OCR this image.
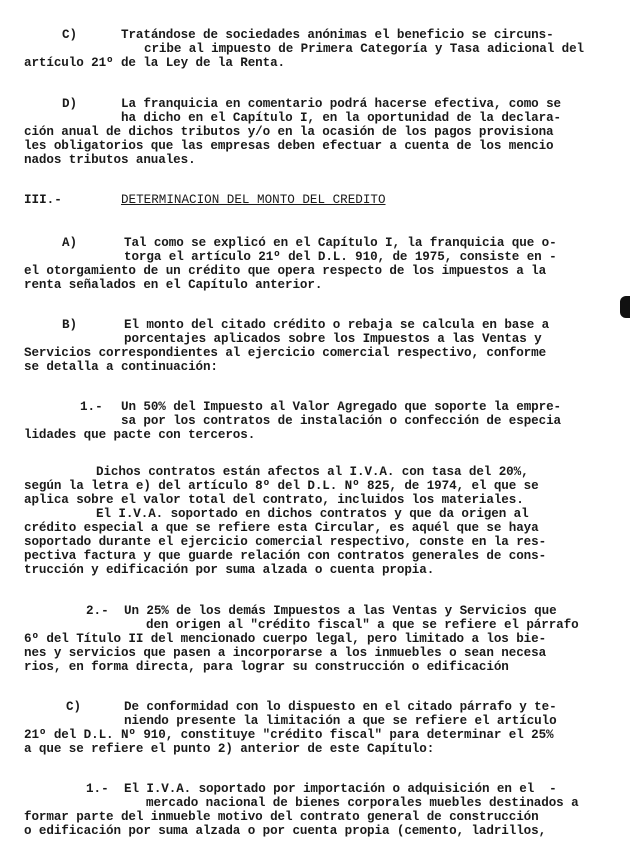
C)	Tratándose de sociedades anónimas el beneficio se circuns-
cribe al impuesto de Primera Categoría y Tasa adicional del
artículo 21º de la Ley de la Renta.
D)	La franquicia en comentario podrá hacerse efectiva, como se
ha dicho en el Capítulo I, en la oportunidad de la declara-
ción anual de dichos tributos y/o en la ocasión de los pagos provisiona
les obligatorios que las empresas deben efectuar a cuenta de los mencio
nados tributos anuales.
III.-	DETERMINACION DEL MONTO DEL CREDITO
A)	Tal como se explicó en el Capítulo I, la franquicia que o-
torga el artículo 21º del D.L. 910, de 1975, consiste en -
el otorgamiento de un crédito que opera respecto de los impuestos a la
renta señalados en el Capítulo anterior.
B)	El monto del citado crédito o rebaja se calcula en base a
porcentajes aplicados sobre los Impuestos a las Ventas y
Servicios correspondientes al ejercicio comercial respectivo, conforme
se detalla a continuación:
1.- Un 50% del Impuesto al Valor Agregado que soporte la empre-
sa por los contratos de instalación o confección de especia
lidades que pacte con terceros.
Dichos contratos están afectos al I.V.A. con tasa del 20%,
según la letra e) del artículo 8º del D.L. Nº 825, de 1974, el que se
aplica sobre el valor total del contrato, incluidos los materiales.
El I.V.A. soportado en dichos contratos y que da origen al
crédito especial a que se refiere esta Circular, es aquél que se haya
soportado durante el ejercicio comercial respectivo, conste en la res-
pectiva factura y que guarde relación con contratos generales de cons-
trucción y edificación por suma alzada o cuenta propia.
2.- Un 25% de los demás Impuestos a las Ventas y Servicios que
den origen al "crédito fiscal" a que se refiere el párrafo
6º del Título II del mencionado cuerpo legal, pero limitado a los bie-
nes y servicios que pasen a incorporarse a los inmuebles o sean necesa
rios, en forma directa, para lograr su construcción o edificación
C)	De conformidad con lo dispuesto en el citado párrafo y te-
niendo presente la limitación a que se refiere el artículo
21º del D.L. Nº 910, constituye "crédito fiscal" para determinar el 25%
a que se refiere el punto 2) anterior de este Capítulo:
1.- El I.V.A. soportado por importación o adquisición en el  -
mercado nacional de bienes corporales muebles destinados a
formar parte del inmueble motivo del contrato general de construcción
o edificación por suma alzada o por cuenta propia (cemento, ladrillos,
